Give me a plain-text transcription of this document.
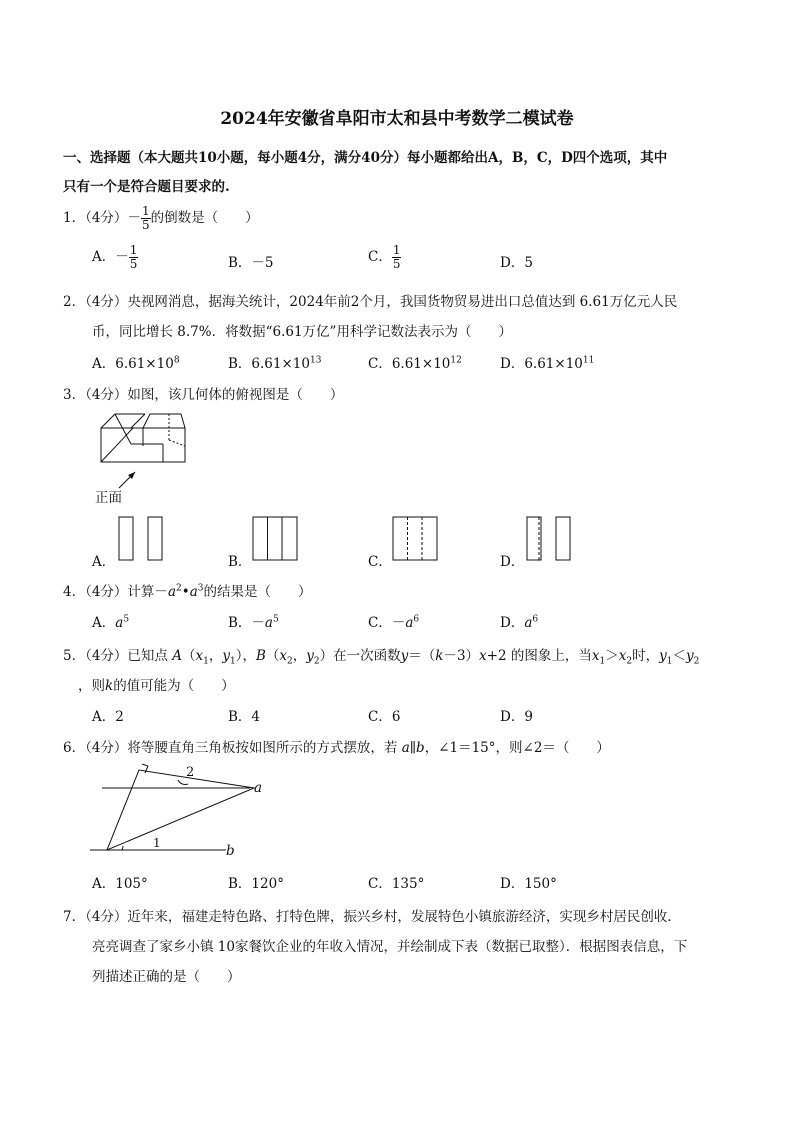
2024年安徽省阜阳市太和县中考数学二模试卷
一、选择题（本大题共10小题，每小题4分，满分40分）每小题都给出A，B，C，D四个选项，其中
只有一个是符合题目要求的.
1．（4分）－ $\frac{1}{5}$ 的倒数是（　　）
A．－ $\frac{1}{5}$	B．－5	C． $\frac{1}{5}$	D．5
2．（4分）央视网消息，据海关统计，2024年前2个月，我国货物贸易进出口总值达到 6.61万亿元人民
币，同比增长 8.7%．将数据“6.61万亿”用科学记数法表示为（　　）
A．$6.61\times 10^8$	B．$6.61\times 10^{13}$	C．$6.61\times 10^{12}$	D．$6.61\times 10^{11}$
3．（4分）如图，该几何体的俯视图是（　　）
正面
A．	B．	C．	D．
4．（4分）计算$-a^2•a^3$的结果是（　　）
A．$a^5$	B．$-a^5$	C．$-a^6$	D．$a^6$
5．（4分）已知点 $A(x_1$，$y_1$），$B(x_2$，$y_2$）在一次函数y＝（k－3）x+2 的图象上，当$x_1>x_2$时，$y_1<y_2$
，则k的值可能为（　　）
A．2	B．4	C．6	D．9
6．（4分）将等腰直角三角板按如图所示的方式摆放，若 a∥b，∠1＝15°，则∠2＝（　　）
a
b
2
1
A．105°	B．120°	C．135°	D．150°
7．（4分）近年来，福建走特色路、打特色牌，振兴乡村，发展特色小镇旅游经济，实现乡村居民创收．
亮亮调查了家乡小镇 10家餐饮企业的年收入情况，并绘制成下表（数据已取整）．根据图表信息，下
列描述正确的是（　　）
